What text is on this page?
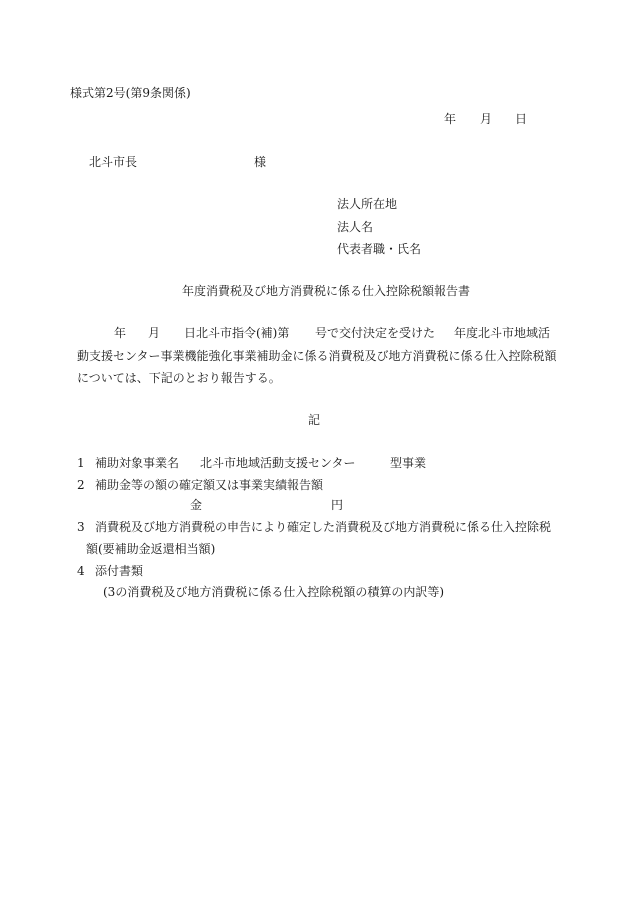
様式第2号(第9条関係)
年 月 日
北斗市長	様
法人所在地
法人名
代表者職・氏名
年度消費税及び地方消費税に係る仕入控除税額報告書
年 月 日北斗市指令(補)第 号で交付決定を受けた 年度北斗市地域活
動支援センター事業機能強化事業補助金に係る消費税及び地方消費税に係る仕入控除税額
については、下記のとおり報告する。
記
1 補助対象事業名 北斗市地域活動支援センター	型事業
2 補助金等の額の確定額又は事業実績報告額
金	円
3 消費税及び地方消費税の申告により確定した消費税及び地方消費税に係る仕入控除税
額(要補助金返還相当額)
4 添付書類
(3の消費税及び地方消費税に係る仕入控除税額の積算の内訳等)
